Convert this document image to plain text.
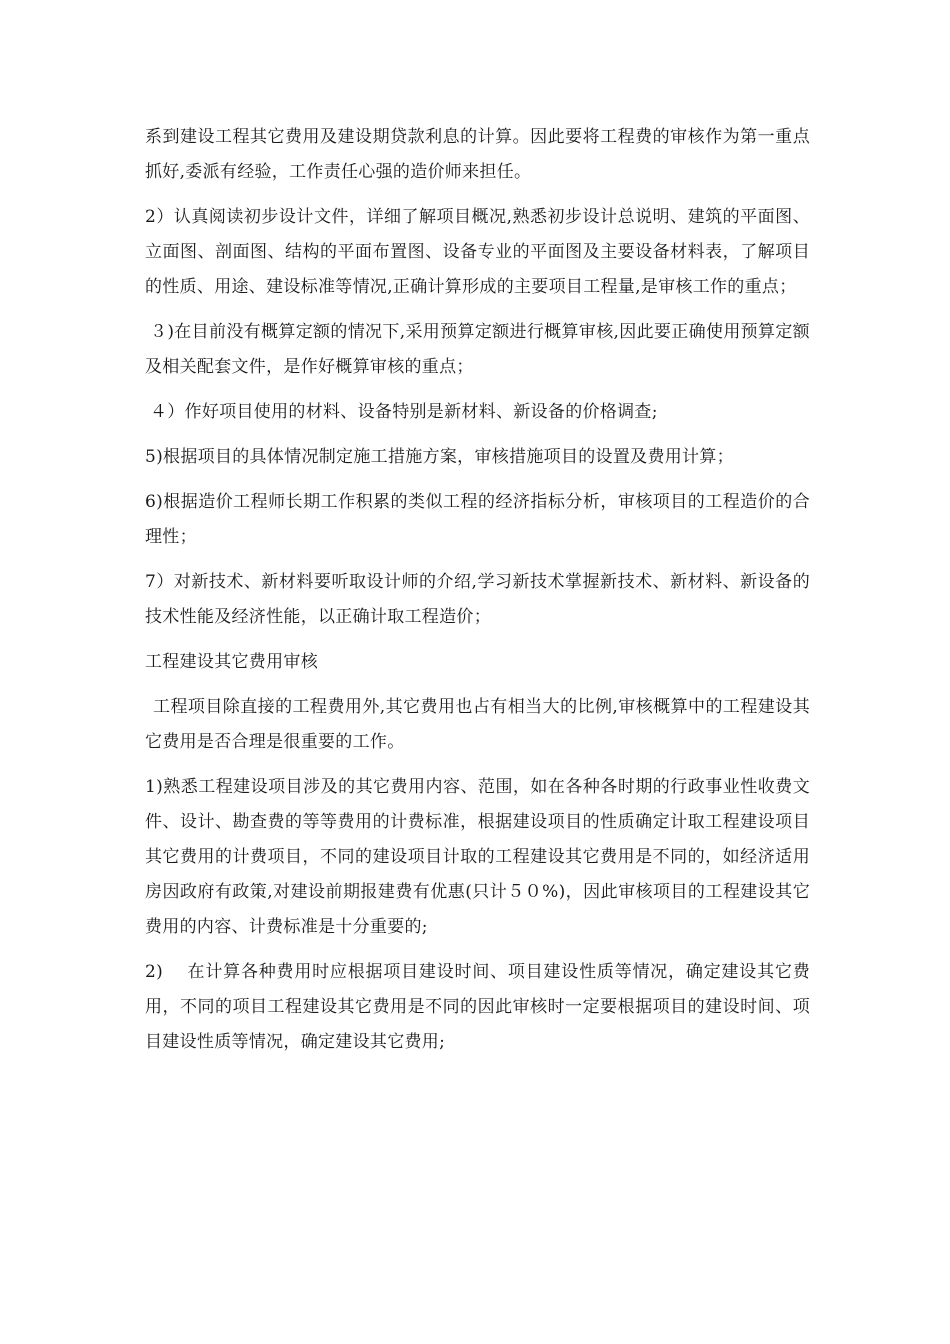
系到建设工程其它费用及建设期贷款利息的计算。因此要将工程费的审核作为第一重点抓好,委派有经验，工作责任心强的造价师来担任。

2）认真阅读初步设计文件，详细了解项目概况,熟悉初步设计总说明、建筑的平面图、立面图、剖面图、结构的平面布置图、设备专业的平面图及主要设备材料表，了解项目的性质、用途、建设标准等情况,正确计算形成的主要项目工程量,是审核工作的重点；

３)在目前没有概算定额的情况下,采用预算定额进行概算审核,因此要正确使用预算定额及相关配套文件，是作好概算审核的重点；

４）作好项目使用的材料、设备特别是新材料、新设备的价格调查;

5)根据项目的具体情况制定施工措施方案，审核措施项目的设置及费用计算；

6)根据造价工程师长期工作积累的类似工程的经济指标分析，审核项目的工程造价的合理性；

7）对新技术、新材料要听取设计师的介绍,学习新技术掌握新技术、新材料、新设备的技术性能及经济性能，以正确计取工程造价；

工程建设其它费用审核

工程项目除直接的工程费用外,其它费用也占有相当大的比例,审核概算中的工程建设其它费用是否合理是很重要的工作。

1)熟悉工程建设项目涉及的其它费用内容、范围，如在各种各时期的行政事业性收费文件、设计、勘查费的等等费用的计费标准，根据建设项目的性质确定计取工程建设项目其它费用的计费项目，不同的建设项目计取的工程建设其它费用是不同的，如经济适用房因政府有政策,对建设前期报建费有优惠(只计５０%)，因此审核项目的工程建设其它费用的内容、计费标准是十分重要的;

2)　 在计算各种费用时应根据项目建设时间、项目建设性质等情况，确定建设其它费用，不同的项目工程建设其它费用是不同的因此审核时一定要根据项目的建设时间、项目建设性质等情况，确定建设其它费用;
